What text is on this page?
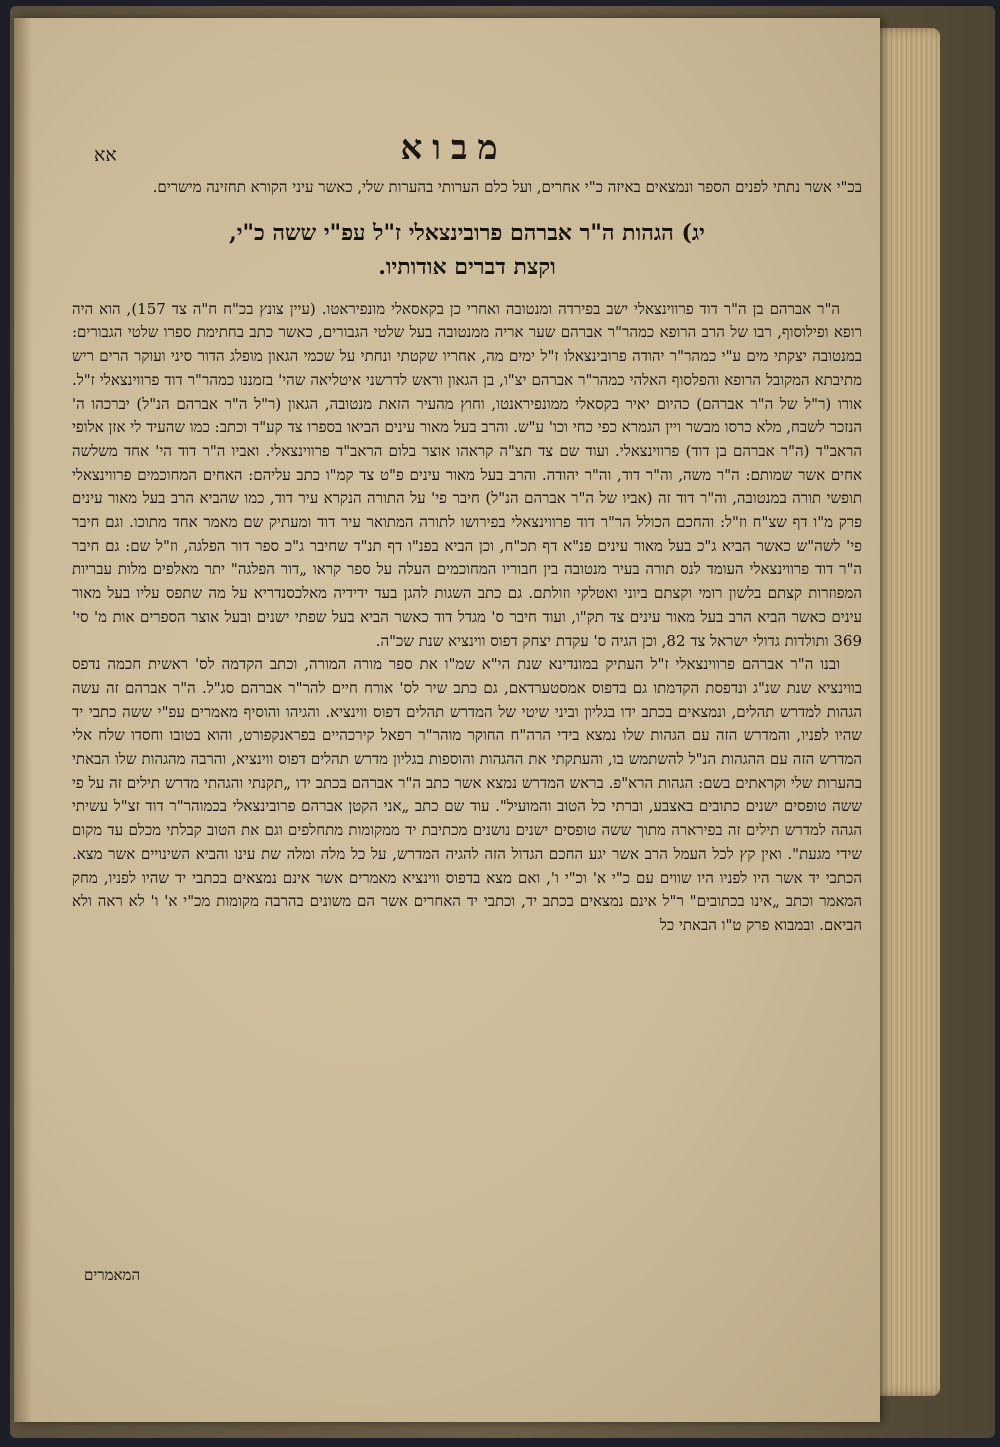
מבוא
אא

בכ"י אשר נתתי לפנים הספר ונמצאים באיזה כ"י אחרים, ועל כלם הערותי בהערות שלי, כאשר עיני הקורא תחזינה מישרים.

יג) הגהות ה"ר אברהם פרובינצאלי ז"ל עפ"י ששה כ"י,
וקצת דברים אודותיו.

ה"ר אברהם בן ה"ר דוד פרווינצאלי ישב בפירדה ומנטובה ואחרי כן בקאסאלי מונפיראטו. (עיין צונץ בכ"ח ח"ה צד 157), הוא היה רופא ופילוסוף, רבו של הרב הרופא כמהר"ר אברהם שער אריה ממנטובה בעל שלטי הגבורים, כאשר כתב בחתימת ספרו שלטי הגבורים: במנטובה יצקתי מים ע"י כמהר"ר יהודה פרובינצאלו ז"ל ימים מה, אחריו שקטתי ונחתי על שכמי הגאון מופלג הדור סיני ועוקר הרים ריש מתיבתא המקובל הרופא והפלסוף האלהי כמהר"ר אברהם יצ"ו, בן הגאון וראש לדרשני איטליאה שהי' בזמננו כמהר"ר דוד פרווינצאלי ז"ל. אורו (ר"ל של ה"ר אברהם) כהיום יאיר בקסאלי ממונפיראנטו, וחוץ מהעיר הזאת מנטובה, הגאון (ר"ל ה"ר אברהם הנ"ל) יברכהו ה' הנזכר לשבח, מלא כרסו מבשר ויין הגמרא כפי כחי וכו' ע"ש. והרב בעל מאור עינים הביאו בספרו צד קע"ד וכתב: כמו שהעיד לי אזן אלופי הראב"ד (ה"ר אברהם בן דוד) פרווינצאלי. ועוד שם צד תצ"ה קראהו אוצר בלום הראב"ד פרווינצאלי. ואביו ה"ר דוד הי' אחד משלשה אחים אשר שמותם: ה"ר משה, וה"ר דוד, וה"ר יהודה. והרב בעל מאור עינים פ"ט צד קמ"ו כתב עליהם: האחים המחוכמים פרווינצאלי תופשי תורה במנטובה, וה"ר דוד זה (אביו של ה"ר אברהם הנ"ל) חיבר פי' על התורה הנקרא עיר דוד, כמו שהביא הרב בעל מאור עינים פרק מ"ו דף שצ"ח וז"ל: והחכם הכולל הר"ר דוד פרווינצאלי בפירושו לתורה המתואר עיר דוד ומעתיק שם מאמר אחד מתוכו. וגם חיבר פי' לשה"ש כאשר הביא ג"כ בעל מאור עינים פנ"א דף תכ"ח, וכן הביא בפנ"ו דף תנ"ד שחיבר ג"כ ספר דור הפלגה, וז"ל שם: גם חיבר ה"ר דוד פרווינצאלי העומד לנס תורה בעיר מנטובה בין חבוריו המחוכמים העלה על ספר קראו „דור הפלגה" יתר מאלפים מלות עבריות המפוזרות קצתם בלשון רומי וקצתם ביוני ואטלקי וזולתם. גם כתב השגות להגן בעד ידידיה מאלכסנדריא על מה שתפס עליו בעל מאור עינים כאשר הביא הרב בעל מאור עינים צד תק"ו, ועוד חיבר ס' מגדל דוד כאשר הביא בעל שפתי ישנים ובעל אוצר הספרים אות מ' סי' 369 ותולדות גדולי ישראל צד 82, וכן הגיה ס' עקדת יצחק דפוס ווינציא שנת שכ"ה.

ובנו ה"ר אברהם פרווינצאלי ז"ל העתיק במונדינא שנת הי"א שמ"ו את ספר מורה המורה, וכתב הקדמה לס' ראשית חכמה נדפס בווינציא שנת שנ"ג ונדפסת הקדמתו גם בדפוס אמסטערדאם, גם כתב שיר לס' אורח חיים להר"ר אברהם סג"ל. ה"ר אברהם זה עשה הגהות למדרש תהלים, ונמצאים בכתב ידו בגליון וביני שיטי של המדרש תהלים דפוס ווינציא. והגיהו והוסיף מאמרים עפ"י ששה כתבי יד שהיו לפניו, והמדרש הזה עם הגהות שלו נמצא בידי הרה"ח החוקר מוהר"ר רפאל קירכהיים בפראנקפורט, והוא בטובו וחסדו שלח אלי המדרש הזה עם ההגהות הנ"ל להשתמש בו, והעתקתי את ההגהות והוספות בגליון מדרש תהלים דפוס ווינציא, והרבה מהגהות שלו הבאתי בהערות שלי וקראתים בשם: הגהות הרא"פ. בראש המדרש נמצא אשר כתב ה"ר אברהם בכתב ידו „תקנתי והגהתי מדרש תילים זה על פי ששה טופסים ישנים כתובים באצבע, וברתי כל הטוב והמועיל". עוד שם כתב „אני הקטן אברהם פרובינצאלי בכמוהר"ר דוד זצ"ל עשיתי הגהה למדרש תילים זה בפירארה מתוך ששה טופסים ישנים נושנים מכתיבת יד ממקומות מתחלפים וגם את הטוב קבלתי מכלם עד מקום שידי מגעת". ואין קץ לכל העמל הרב אשר יגע החכם הגדול הזה להגיה המדרש, על כל מלה ומלה שת עינו והביא השינויים אשר מצא. הכתבי יד אשר היו לפניו היו שווים עם כ"י א' וכ"י ו', ואם מצא בדפוס ווינציא מאמרים אשר אינם נמצאים בכתבי יד שהיו לפניו, מחק המאמר וכתב „אינו בכתובים" ר"ל אינם נמצאים בכתב יד, וכתבי יד האחרים אשר הם משונים בהרבה מקומות מכ"י א' ו' לא ראה ולא הביאם. ובמבוא פרק ט"ו הבאתי כל

המאמרים
